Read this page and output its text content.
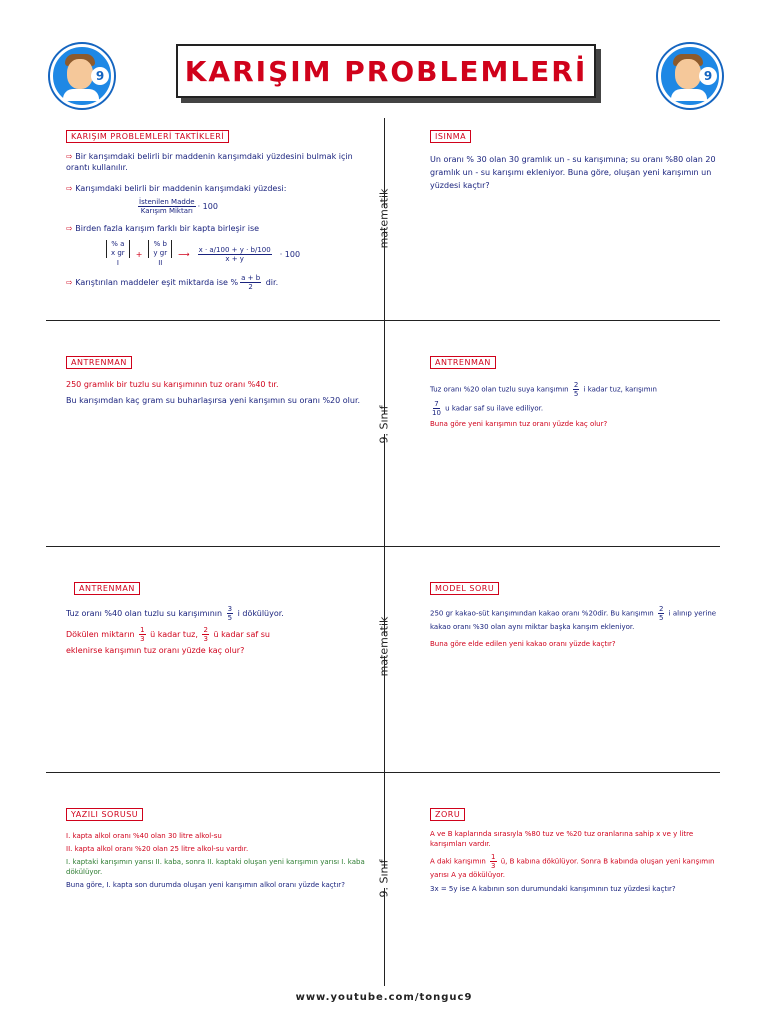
9	KARIŞIM PROBLEMLERİ	9
matematik
9. Sınıf
matematik
9. Sınıf
KARIŞIM PROBLEMLERİ TAKTİKLERİ
⇨ Bir karışımdaki belirli bir maddenin karışımdaki yüzdesini bulmak için orantı kullanılır.
⇨ Karışımdaki belirli bir maddenin karışımdaki yüzdesi:
$\frac{\text{İstenilen Madde}}{\text{Karışım Miktarı}} \cdot 100$
⇨ Birden fazla karışım farklı bir kapta birleşir ise
% a
x gr
I
+
% b
y gr
II
⟶ $\frac{x \cdot a/100 + y \cdot b/100}{x + y} \cdot 100$
⇨ Karıştırılan maddeler eşit miktarda ise % $\frac{a + b}{2}$ dir.
ISINMA
Un oranı % 30 olan 30 gramlık un - su karışımına; su oranı %80 olan 20 gramlık un - su karışımı ekleniyor. Buna göre, oluşan yeni karışımın un yüzdesi kaçtır?
ANTRENMAN
250 gramlık bir tuzlu su karışımının tuz oranı %40 tır.
Bu karışımdan kaç gram su buharlaşırsa yeni karışımın su oranı %20 olur.
ANTRENMAN
Tuz oranı %20 olan tuzlu suya karışımın $\frac{2}{5}$ i kadar tuz, karışımın
$\frac{7}{10}$ u kadar saf su ilave ediliyor.
Buna göre yeni karışımın tuz oranı yüzde kaç olur?
ANTRENMAN
Tuz oranı %40 olan tuzlu su karışımının $\frac{3}{5}$ i dökülüyor.
Dökülen miktarın $\frac{1}{3}$ ü kadar tuz, $\frac{2}{3}$ ü kadar saf su
eklenirse karışımın tuz oranı yüzde kaç olur?
MODEL SORU
250 gr kakao-süt karışımından kakao oranı %20dir. Bu karışımın $\frac{2}{5}$ i alınıp yerine kakao oranı %30 olan aynı miktar başka karışım ekleniyor.
Buna göre elde edilen yeni kakao oranı yüzde kaçtır?
YAZILI SORUSU
I. kapta alkol oranı %40 olan 30 litre alkol-su
II. kapta alkol oranı %20 olan 25 litre alkol-su vardır.
I. kaptaki karışımın yarısı II. kaba, sonra II. kaptaki oluşan yeni karışımın yarısı I. kaba dökülüyor.
Buna göre, I. kapta son durumda oluşan yeni karışımın alkol oranı yüzde kaçtır?
ZORU
A ve B kaplarında sırasıyla %80 tuz ve %20 tuz oranlarına sahip x ve y litre karışımları vardır.
A daki karışımın $\frac{1}{3}$ ü, B kabına dökülüyor. Sonra B kabında oluşan yeni karışımın yarısı A ya dökülüyor.
3x = 5y ise A kabının son durumundaki karışımının tuz yüzdesi kaçtır?
www.youtube.com/tonguc9
